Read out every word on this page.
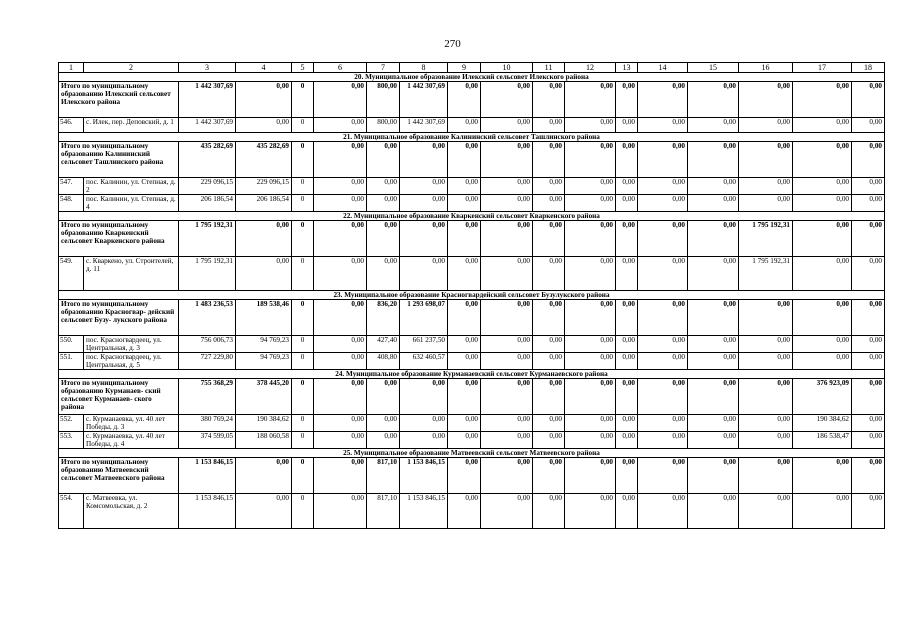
270
1	2	3	4	5	6	7	8	9	10	11	12	13	14	15	16	17	18
20. Муниципальное образование Илекский сельсовет Илекского района																	
Итого по муниципальному образованию Илекский сельсовет Илекского района		1 442 307,69	0,00	0	0,00	800,00	1 442 307,69	0,00	0,00	0,00	0,00	0,00	0,00	0,00	0,00	0,00	0,00
546.	с. Илек, пер. Деповский, д. 1	1 442 307,69	0,00	0	0,00	800,00	1 442 307,69	0,00	0,00	0,00	0,00	0,00	0,00	0,00	0,00	0,00	0,00
21. Муниципальное образование Калининский сельсовет Ташлинского района																	
Итого по муниципальному образованию Калининский сельсовет Ташлинского района		435 282,69	435 282,69	0	0,00	0,00	0,00	0,00	0,00	0,00	0,00	0,00	0,00	0,00	0,00	0,00	0,00
547.	пос. Калинин, ул. Степная, д. 2	229 096,15	229 096,15	0	0,00	0,00	0,00	0,00	0,00	0,00	0,00	0,00	0,00	0,00	0,00	0,00	0,00
548.	пос. Калинин, ул. Степная, д. 4	206 186,54	206 186,54	0	0,00	0,00	0,00	0,00	0,00	0,00	0,00	0,00	0,00	0,00	0,00	0,00	0,00
22. Муниципальное образование Кваркенский сельсовет Кваркенского района																	
Итого по муниципальному образованию Кваркенский сельсовет Кваркенского района		1 795 192,31	0,00	0	0,00	0,00	0,00	0,00	0,00	0,00	0,00	0,00	0,00	0,00	1 795 192,31	0,00	0,00
549.	с. Кваркено, ул. Строителей, д. 11	1 795 192,31	0,00	0	0,00	0,00	0,00	0,00	0,00	0,00	0,00	0,00	0,00	0,00	1 795 192,31	0,00	0,00
23. Муниципальное образование Красногвардейский сельсовет Бузулукского района																	
Итого по муниципальному образованию Красногвар- дейский сельсовет Бузу- лукского района		1 483 236,53	189 538,46	0	0,00	836,20	1 293 698,07	0,00	0,00	0,00	0,00	0,00	0,00	0,00	0,00	0,00	0,00
550.	пос. Красногвардеец, ул. Центральная, д. 3	756 006,73	94 769,23	0	0,00	427,40	661 237,50	0,00	0,00	0,00	0,00	0,00	0,00	0,00	0,00	0,00	0,00
551.	пос. Красногвардеец, ул. Центральная, д. 5	727 229,80	94 769,23	0	0,00	408,80	632 460,57	0,00	0,00	0,00	0,00	0,00	0,00	0,00	0,00	0,00	0,00
24. Муниципальное образование Курманаевский сельсовет Курманаевского района																	
Итого по муниципальному образованию Курманаев- ский сельсовет Курманаев- ского района		755 368,29	378 445,20	0	0,00	0,00	0,00	0,00	0,00	0,00	0,00	0,00	0,00	0,00	0,00	376 923,09	0,00
552.	с. Курманаевка, ул. 40 лет Победы, д. 3	380 769,24	190 384,62	0	0,00	0,00	0,00	0,00	0,00	0,00	0,00	0,00	0,00	0,00	0,00	190 384,62	0,00
553.	с. Курманаевка, ул. 40 лет Победы, д. 4	374 599,05	188 060,58	0	0,00	0,00	0,00	0,00	0,00	0,00	0,00	0,00	0,00	0,00	0,00	186 538,47	0,00
25. Муниципальное образование Матвеевский сельсовет Матвеевского района																	
Итого по муниципальному образованию Матвеевский сельсовет Матвеевского района		1 153 846,15	0,00	0	0,00	817,10	1 153 846,15	0,00	0,00	0,00	0,00	0,00	0,00	0,00	0,00	0,00	0,00
554.	с. Матвеевка, ул. Комсомольская, д. 2	1 153 846,15	0,00	0	0,00	817,10	1 153 846,15	0,00	0,00	0,00	0,00	0,00	0,00	0,00	0,00	0,00	0,00
